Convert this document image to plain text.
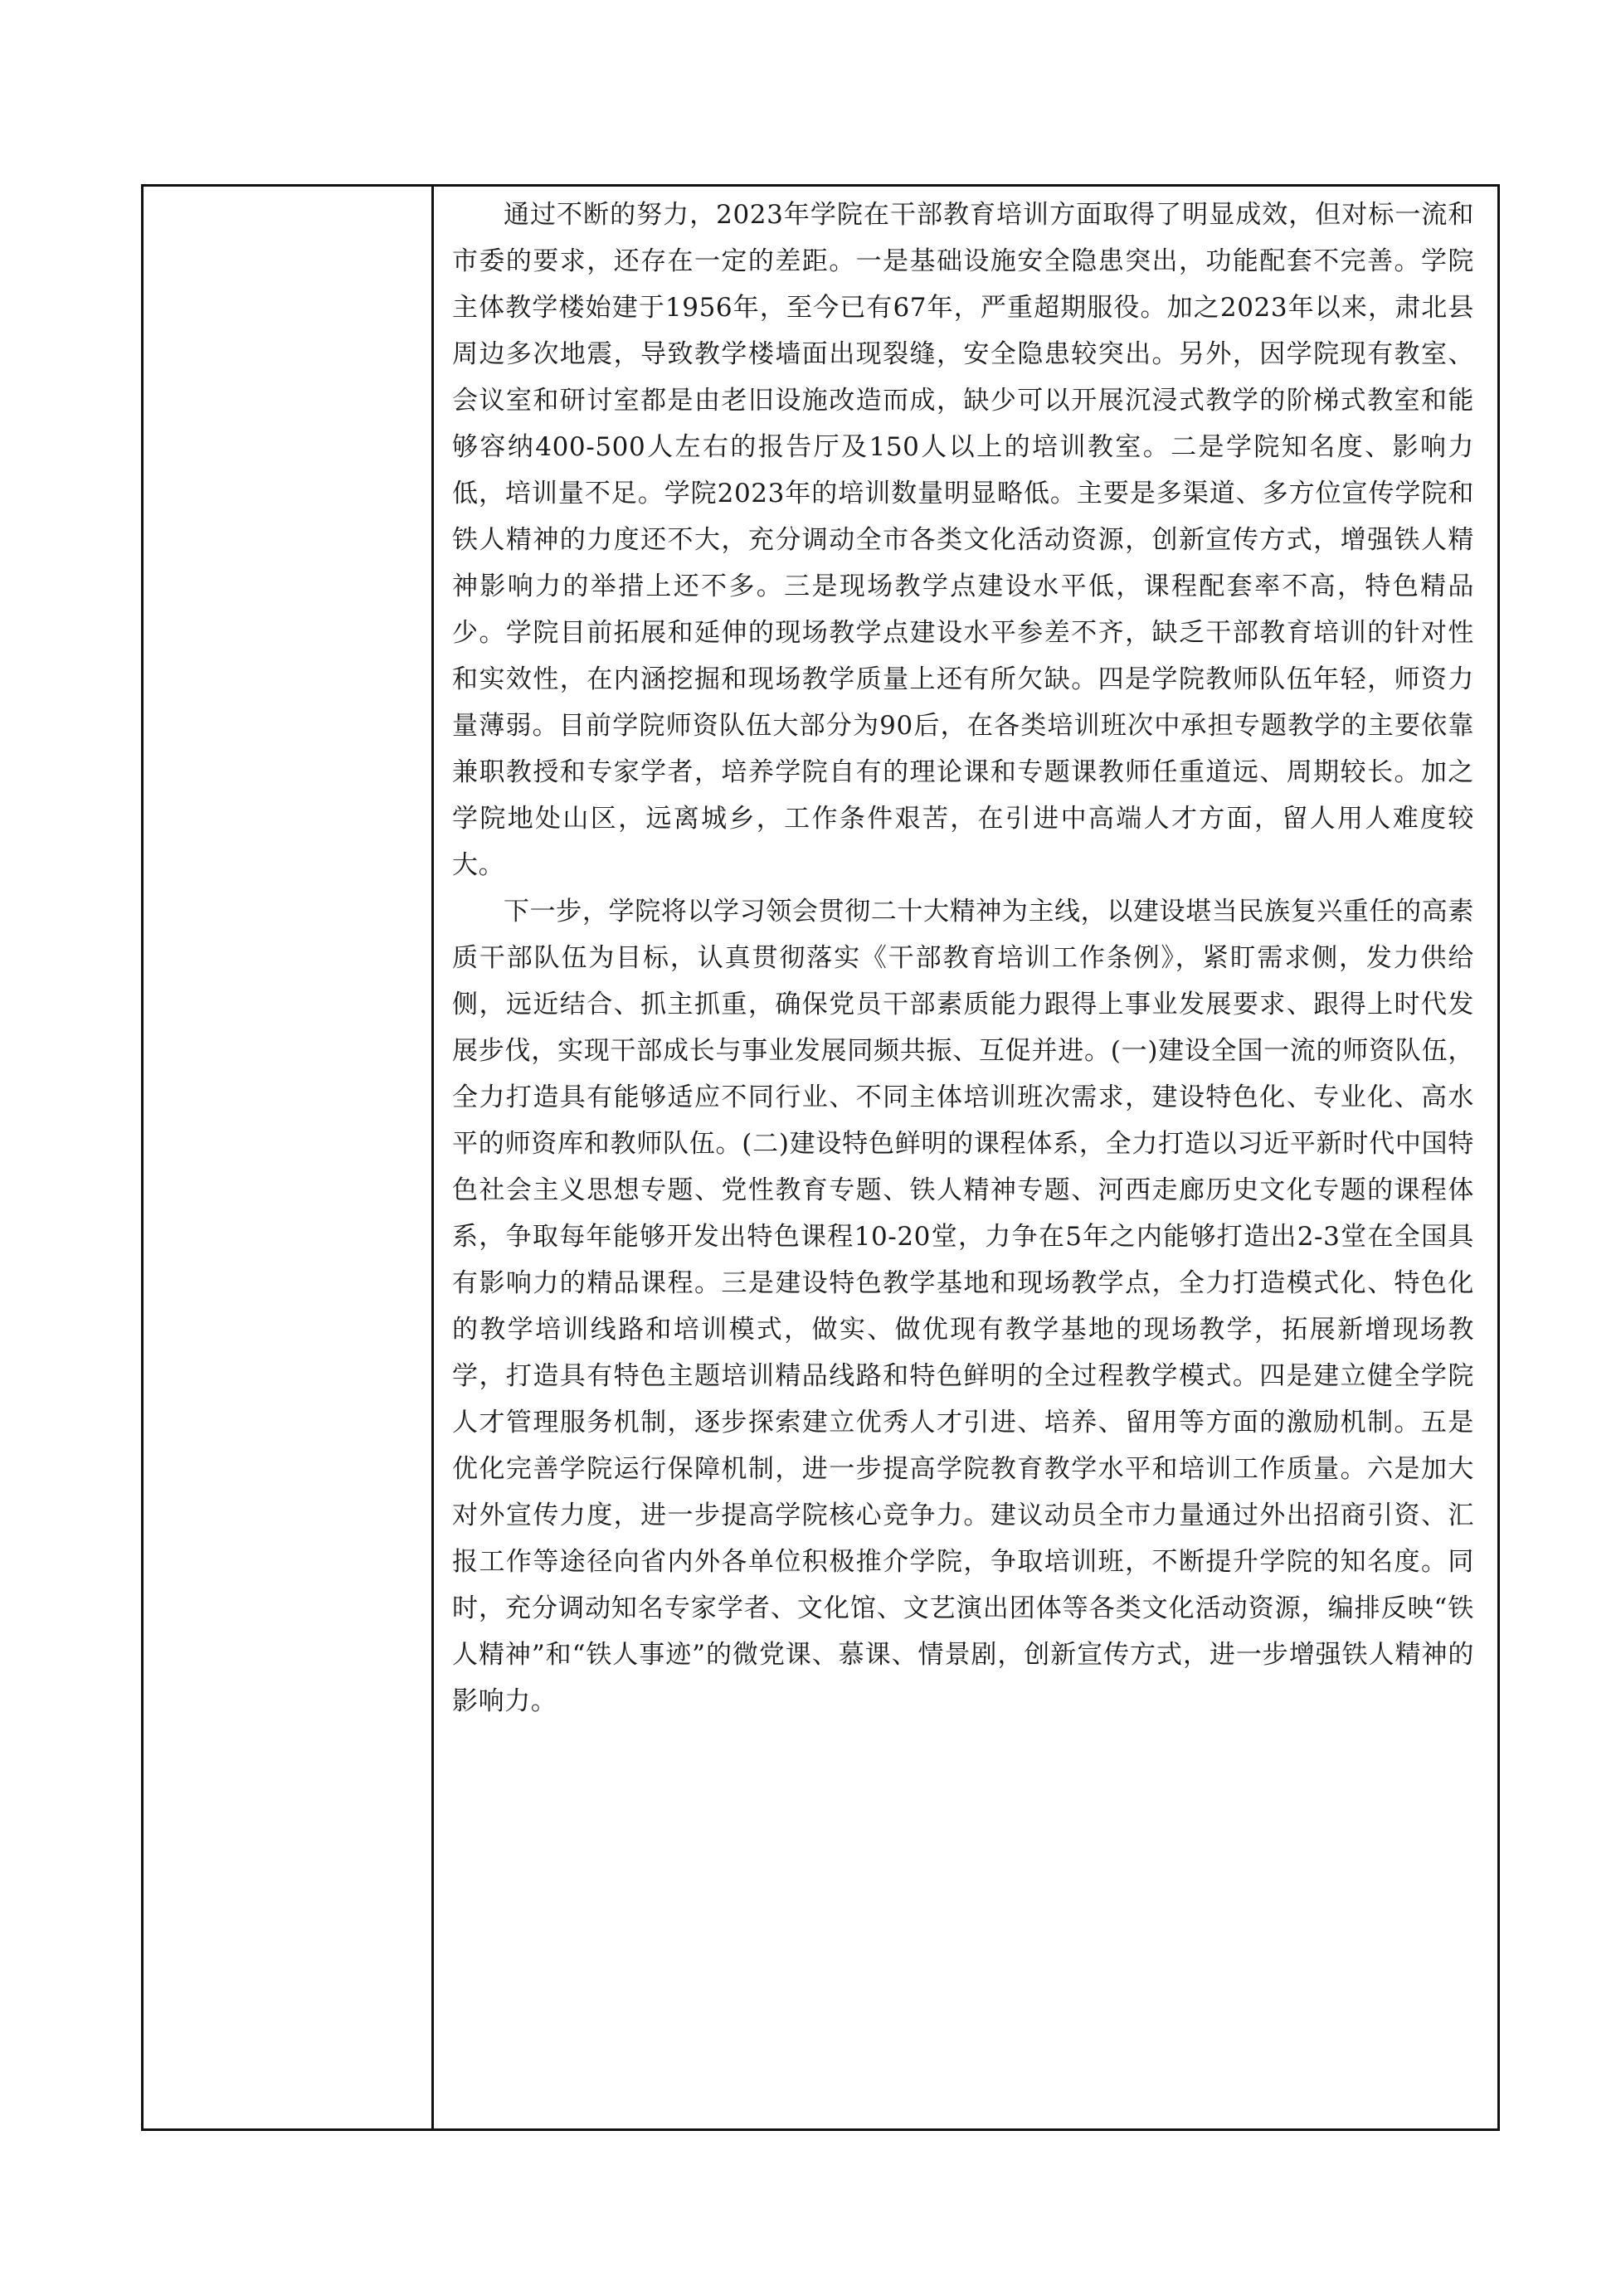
通过不断的努力，2023年学院在干部教育培训方面取得了明显成效，但对标一流和市委的要求，还存在一定的差距。一是基础设施安全隐患突出，功能配套不完善。学院主体教学楼始建于1956年，至今已有67年，严重超期服役。加之2023年以来，肃北县周边多次地震，导致教学楼墙面出现裂缝，安全隐患较突出。另外，因学院现有教室、会议室和研讨室都是由老旧设施改造而成，缺少可以开展沉浸式教学的阶梯式教室和能够容纳400-500人左右的报告厅及150人以上的培训教室。二是学院知名度、影响力低，培训量不足。学院2023年的培训数量明显略低。主要是多渠道、多方位宣传学院和铁人精神的力度还不大，充分调动全市各类文化活动资源，创新宣传方式，增强铁人精神影响力的举措上还不多。三是现场教学点建设水平低，课程配套率不高，特色精品少。学院目前拓展和延伸的现场教学点建设水平参差不齐，缺乏干部教育培训的针对性和实效性，在内涵挖掘和现场教学质量上还有所欠缺。四是学院教师队伍年轻，师资力量薄弱。目前学院师资队伍大部分为90后，在各类培训班次中承担专题教学的主要依靠兼职教授和专家学者，培养学院自有的理论课和专题课教师任重道远、周期较长。加之学院地处山区，远离城乡，工作条件艰苦，在引进中高端人才方面，留人用人难度较大。

下一步，学院将以学习领会贯彻二十大精神为主线，以建设堪当民族复兴重任的高素质干部队伍为目标，认真贯彻落实《干部教育培训工作条例》，紧盯需求侧，发力供给侧，远近结合、抓主抓重，确保党员干部素质能力跟得上事业发展要求、跟得上时代发展步伐，实现干部成长与事业发展同频共振、互促并进。(一)建设全国一流的师资队伍，全力打造具有能够适应不同行业、不同主体培训班次需求，建设特色化、专业化、高水平的师资库和教师队伍。(二)建设特色鲜明的课程体系，全力打造以习近平新时代中国特色社会主义思想专题、党性教育专题、铁人精神专题、河西走廊历史文化专题的课程体系，争取每年能够开发出特色课程10-20堂，力争在5年之内能够打造出2-3堂在全国具有影响力的精品课程。三是建设特色教学基地和现场教学点，全力打造模式化、特色化的教学培训线路和培训模式，做实、做优现有教学基地的现场教学，拓展新增现场教学，打造具有特色主题培训精品线路和特色鲜明的全过程教学模式。四是建立健全学院人才管理服务机制，逐步探索建立优秀人才引进、培养、留用等方面的激励机制。五是优化完善学院运行保障机制，进一步提高学院教育教学水平和培训工作质量。六是加大对外宣传力度，进一步提高学院核心竞争力。建议动员全市力量通过外出招商引资、汇报工作等途径向省内外各单位积极推介学院，争取培训班，不断提升学院的知名度。同时，充分调动知名专家学者、文化馆、文艺演出团体等各类文化活动资源，编排反映“铁人精神”和“铁人事迹”的微党课、慕课、情景剧，创新宣传方式，进一步增强铁人精神的影响力。
